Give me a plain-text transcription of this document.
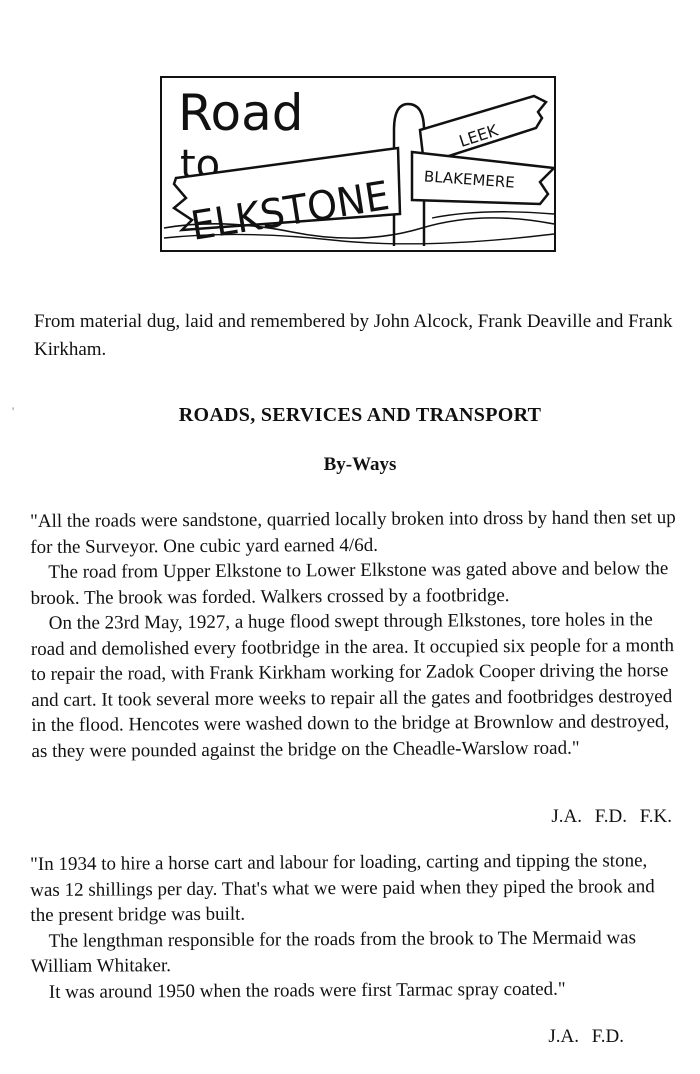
Road
to
ELKSTONE
LEEK
BLAKEMERE
From material dug, laid and remembered by John Alcock, Frank Deaville and Frank Kirkham.
'	ROADS, SERVICES AND TRANSPORT
By-Ways

"All the roads were sandstone, quarried locally broken into dross by hand then set up for the Surveyor. One cubic yard earned 4/6d.

The road from Upper Elkstone to Lower Elkstone was gated above and below the brook. The brook was forded. Walkers crossed by a footbridge.

On the 23rd May, 1927, a huge flood swept through Elkstones, tore holes in the road and demolished every footbridge in the area. It occupied six people for a month to repair the road, with Frank Kirkham working for Zadok Cooper driving the horse and cart. It took several more weeks to repair all the gates and footbridges destroyed in the flood. Hencotes were washed down to the bridge at Brownlow and destroyed, as they were pounded against the bridge on the Cheadle-Warslow road."

J.A. F.D. F.K.

"In 1934 to hire a horse cart and labour for loading, carting and tipping the stone, was 12 shillings per day. That's what we were paid when they piped the brook and the present bridge was built.

The lengthman responsible for the roads from the brook to The Mermaid was William Whitaker.

It was around 1950 when the roads were first Tarmac spray coated."

J.A. F.D.
